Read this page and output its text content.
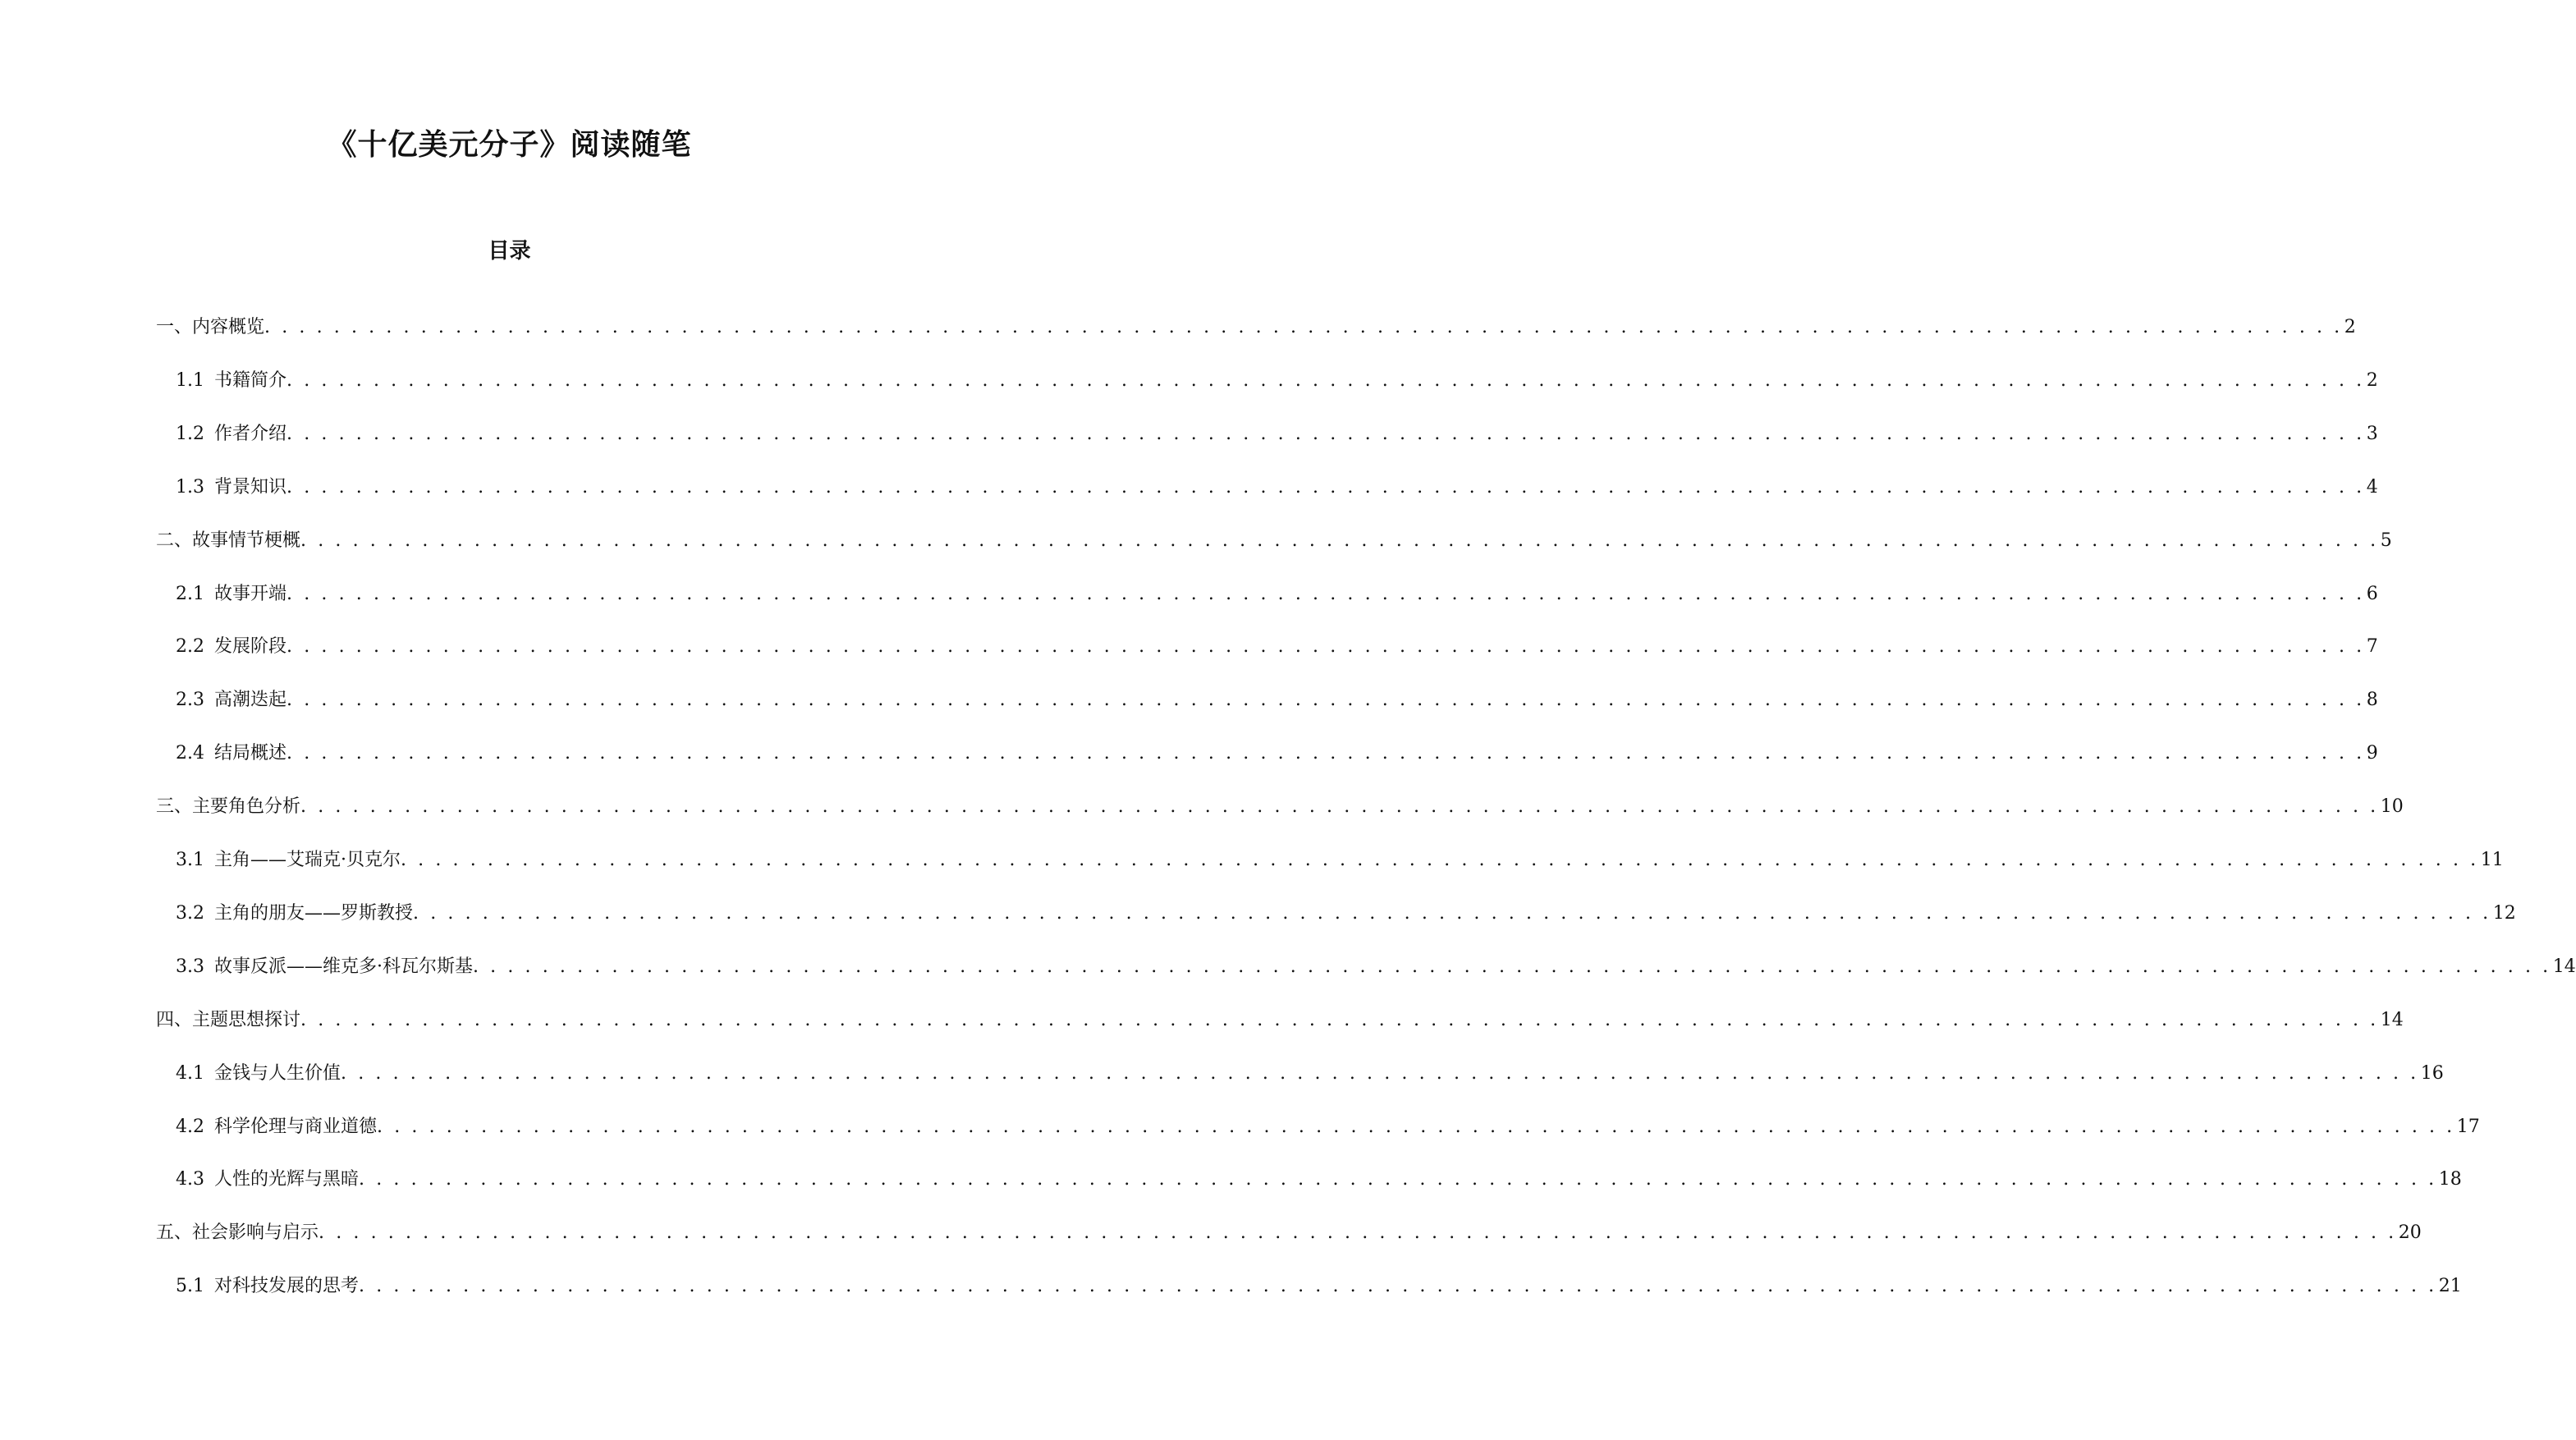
《十亿美元分子》阅读随笔
目录
一、内容概览 . . . . . . . . . . . . . . . . . . . . . . . . . . . . . . . . . . . . . . . . . . . . . . . . . . . . . . . . . . . . . . . . . . . . . . . . . . . . . . . . . . . . . . . . . . . . . . . . . . . . . . . . . . . . . . . . . . . . . . . . 2
1.1 书籍简介 . . . . . . . . . . . . . . . . . . . . . . . . . . . . . . . . . . . . . . . . . . . . . . . . . . . . . . . . . . . . . . . . . . . . . . . . . . . . . . . . . . . . . . . . . . . . . . . . . . . . . . . . . . . . . . . . . . . . . . . . 2
1.2 作者介绍 . . . . . . . . . . . . . . . . . . . . . . . . . . . . . . . . . . . . . . . . . . . . . . . . . . . . . . . . . . . . . . . . . . . . . . . . . . . . . . . . . . . . . . . . . . . . . . . . . . . . . . . . . . . . . . . . . . . . . . . . 3
1.3 背景知识 . . . . . . . . . . . . . . . . . . . . . . . . . . . . . . . . . . . . . . . . . . . . . . . . . . . . . . . . . . . . . . . . . . . . . . . . . . . . . . . . . . . . . . . . . . . . . . . . . . . . . . . . . . . . . . . . . . . . . . . . 4
二、故事情节梗概 . . . . . . . . . . . . . . . . . . . . . . . . . . . . . . . . . . . . . . . . . . . . . . . . . . . . . . . . . . . . . . . . . . . . . . . . . . . . . . . . . . . . . . . . . . . . . . . . . . . . . . . . . . . . . . . . . . . . . . . . 5
2.1 故事开端 . . . . . . . . . . . . . . . . . . . . . . . . . . . . . . . . . . . . . . . . . . . . . . . . . . . . . . . . . . . . . . . . . . . . . . . . . . . . . . . . . . . . . . . . . . . . . . . . . . . . . . . . . . . . . . . . . . . . . . . . 6
2.2 发展阶段 . . . . . . . . . . . . . . . . . . . . . . . . . . . . . . . . . . . . . . . . . . . . . . . . . . . . . . . . . . . . . . . . . . . . . . . . . . . . . . . . . . . . . . . . . . . . . . . . . . . . . . . . . . . . . . . . . . . . . . . . 7
2.3 高潮迭起 . . . . . . . . . . . . . . . . . . . . . . . . . . . . . . . . . . . . . . . . . . . . . . . . . . . . . . . . . . . . . . . . . . . . . . . . . . . . . . . . . . . . . . . . . . . . . . . . . . . . . . . . . . . . . . . . . . . . . . . . 8
2.4 结局概述 . . . . . . . . . . . . . . . . . . . . . . . . . . . . . . . . . . . . . . . . . . . . . . . . . . . . . . . . . . . . . . . . . . . . . . . . . . . . . . . . . . . . . . . . . . . . . . . . . . . . . . . . . . . . . . . . . . . . . . . . 9
三、主要角色分析 . . . . . . . . . . . . . . . . . . . . . . . . . . . . . . . . . . . . . . . . . . . . . . . . . . . . . . . . . . . . . . . . . . . . . . . . . . . . . . . . . . . . . . . . . . . . . . . . . . . . . . . . . . . . . . . . . . . . . . . . 10
3.1 主角——艾瑞克·贝克尔 . . . . . . . . . . . . . . . . . . . . . . . . . . . . . . . . . . . . . . . . . . . . . . . . . . . . . . . . . . . . . . . . . . . . . . . . . . . . . . . . . . . . . . . . . . . . . . . . . . . . . . . . . . . . . . . . . . . . . . . . 11
3.2 主角的朋友——罗斯教授 . . . . . . . . . . . . . . . . . . . . . . . . . . . . . . . . . . . . . . . . . . . . . . . . . . . . . . . . . . . . . . . . . . . . . . . . . . . . . . . . . . . . . . . . . . . . . . . . . . . . . . . . . . . . . . . . . . . . . . . . 12
3.3 故事反派——维克多·科瓦尔斯基 . . . . . . . . . . . . . . . . . . . . . . . . . . . . . . . . . . . . . . . . . . . . . . . . . . . . . . . . . . . . . . . . . . . . . . . . . . . . . . . . . . . . . . . . . . . . . . . . . . . . . . . . . . . . . . . . . . . . . . . . 14
四、主题思想探讨 . . . . . . . . . . . . . . . . . . . . . . . . . . . . . . . . . . . . . . . . . . . . . . . . . . . . . . . . . . . . . . . . . . . . . . . . . . . . . . . . . . . . . . . . . . . . . . . . . . . . . . . . . . . . . . . . . . . . . . . . 14
4.1 金钱与人生价值 . . . . . . . . . . . . . . . . . . . . . . . . . . . . . . . . . . . . . . . . . . . . . . . . . . . . . . . . . . . . . . . . . . . . . . . . . . . . . . . . . . . . . . . . . . . . . . . . . . . . . . . . . . . . . . . . . . . . . . . . 16
4.2 科学伦理与商业道德 . . . . . . . . . . . . . . . . . . . . . . . . . . . . . . . . . . . . . . . . . . . . . . . . . . . . . . . . . . . . . . . . . . . . . . . . . . . . . . . . . . . . . . . . . . . . . . . . . . . . . . . . . . . . . . . . . . . . . . . . 17
4.3 人性的光辉与黑暗 . . . . . . . . . . . . . . . . . . . . . . . . . . . . . . . . . . . . . . . . . . . . . . . . . . . . . . . . . . . . . . . . . . . . . . . . . . . . . . . . . . . . . . . . . . . . . . . . . . . . . . . . . . . . . . . . . . . . . . . . 18
五、社会影响与启示 . . . . . . . . . . . . . . . . . . . . . . . . . . . . . . . . . . . . . . . . . . . . . . . . . . . . . . . . . . . . . . . . . . . . . . . . . . . . . . . . . . . . . . . . . . . . . . . . . . . . . . . . . . . . . . . . . . . . . . . . 20
5.1 对科技发展的思考 . . . . . . . . . . . . . . . . . . . . . . . . . . . . . . . . . . . . . . . . . . . . . . . . . . . . . . . . . . . . . . . . . . . . . . . . . . . . . . . . . . . . . . . . . . . . . . . . . . . . . . . . . . . . . . . . . . . . . . . . 21
